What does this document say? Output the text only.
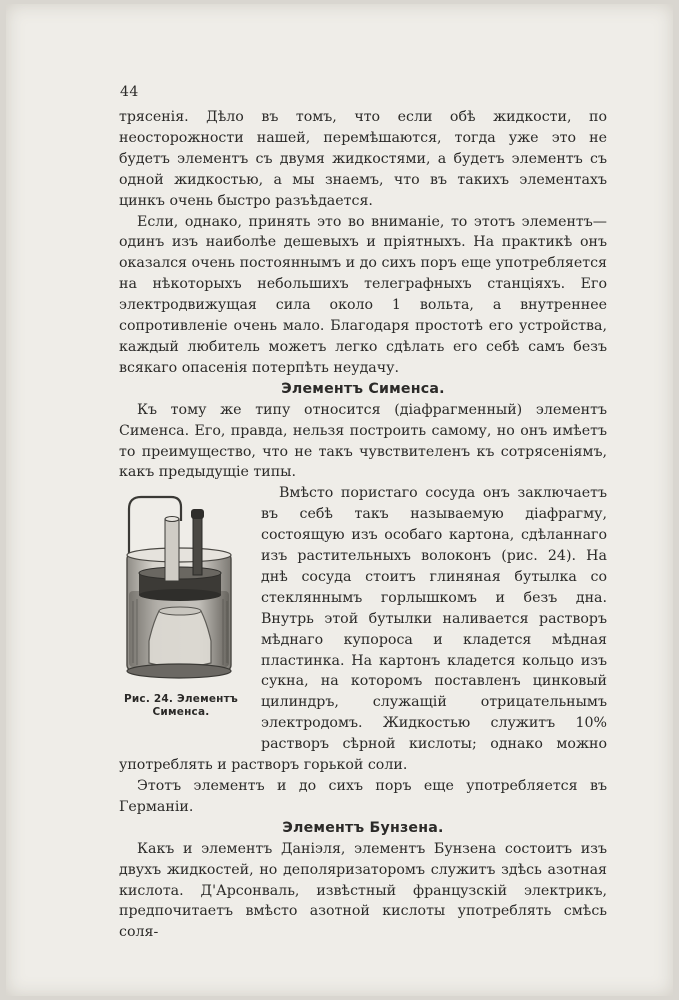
44

трясенія. Дѣло въ томъ, что если обѣ жидкости, по неосторожности нашей, перемѣшаются, тогда уже это не будетъ элементъ съ двумя жидкостями, а будетъ элементъ съ одной жидкостью, а мы знаемъ, что въ такихъ элементахъ цинкъ очень быстро разъѣдается.

Если, однако, принять это во вниманіе, то этотъ элементъ—одинъ изъ наиболѣе дешевыхъ и пріятныхъ. На практикѣ онъ оказался очень постояннымъ и до сихъ поръ еще употребляется на нѣкоторыхъ небольшихъ телеграфныхъ станціяхъ. Его электродвижущая сила около 1 вольта, а внутреннее сопротивленіе очень мало. Благодаря простотѣ его устройства, каждый любитель можетъ легко сдѣлать его себѣ самъ безъ всякаго опасенія потерпѣть неудачу.

Элементъ Сименса.

Къ тому же типу относится (діафрагменный) элементъ Сименса. Его, правда, нельзя построить самому, но онъ имѣетъ то преимущество, что не такъ чувствителенъ къ сотрясеніямъ, какъ предыдущіе типы.

Рис. 24. Элементъ Сименса.

Вмѣсто пористаго сосуда онъ заключаетъ въ себѣ такъ называемую діафрагму, состоящую изъ особаго картона, сдѣланнаго изъ растительныхъ волоконъ (рис. 24). На днѣ сосуда стоитъ глиняная бутылка со стекляннымъ горлышкомъ и безъ дна. Внутрь этой бутылки наливается растворъ мѣднаго купороса и кладется мѣдная пластинка. На картонъ кладется кольцо изъ сукна, на которомъ поставленъ цинковый цилиндръ, служащій отрицательнымъ электродомъ. Жидкостью служитъ 10% растворъ сѣрной кислоты; однако можно употреблять и растворъ горькой соли.

Этотъ элементъ и до сихъ поръ еще употребляется въ Германіи.

Элементъ Бунзена.

Какъ и элементъ Даніэля, элементъ Бунзена состоитъ изъ двухъ жидкостей, но деполяризаторомъ служитъ здѣсь азотная кислота. Д'Арсонваль, извѣстный французскій электрикъ, предпочитаетъ вмѣсто азотной кислоты употреблять смѣсь соля-
